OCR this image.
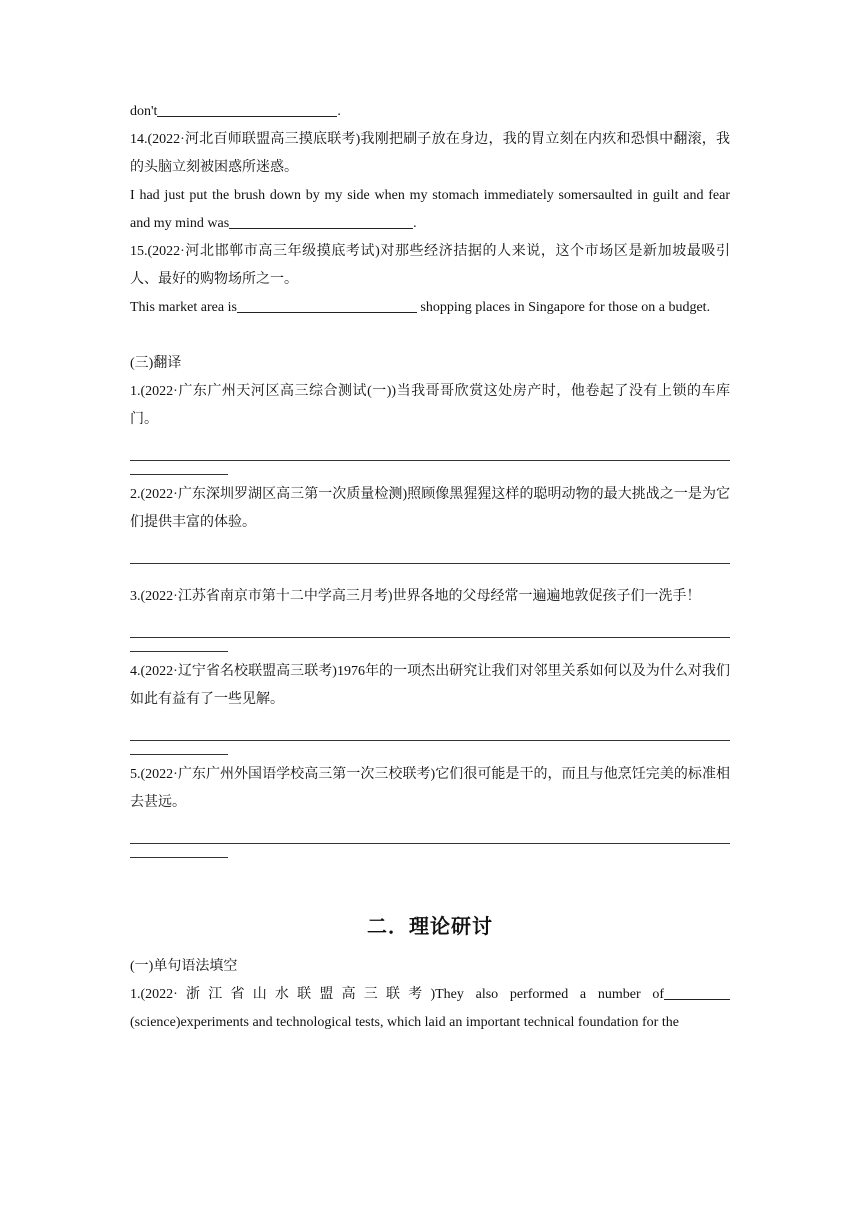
don't	.

14.(2022·河北百师联盟高三摸底联考)我刚把刷子放在身边，我的胃立刻在内疚和恐惧中翻滚，我的头脑立刻被困惑所迷惑。

I had just put the brush down by my side when my stomach immediately somersaulted in guilt and fear and my mind was	.

15.(2022·河北邯郸市高三年级摸底考试)对那些经济拮据的人来说，这个市场区是新加坡最吸引人、最好的购物场所之一。

This market area is	shopping places in Singapore for those on a budget.

(三)翻译

1.(2022·广东广州天河区高三综合测试(一))当我哥哥欣赏这处房产时，他卷起了没有上锁的车库门。

2.(2022·广东深圳罗湖区高三第一次质量检测)照顾像黑猩猩这样的聪明动物的最大挑战之一是为它们提供丰富的体验。

3.(2022·江苏省南京市第十二中学高三月考)世界各地的父母经常一遍遍地敦促孩子们一洗手！

4.(2022·辽宁省名校联盟高三联考)1976年的一项杰出研究让我们对邻里关系如何以及为什么对我们如此有益有了一些见解。

5.(2022·广东广州外国语学校高三第一次三校联考)它们很可能是干的，而且与他烹饪完美的标准相去甚远。

二．理论研讨

(一)单句语法填空

1.(2022·浙江省山水联盟高三联考)They also performed a number of

(science)experiments and technological tests, which laid an important technical foundation for the
